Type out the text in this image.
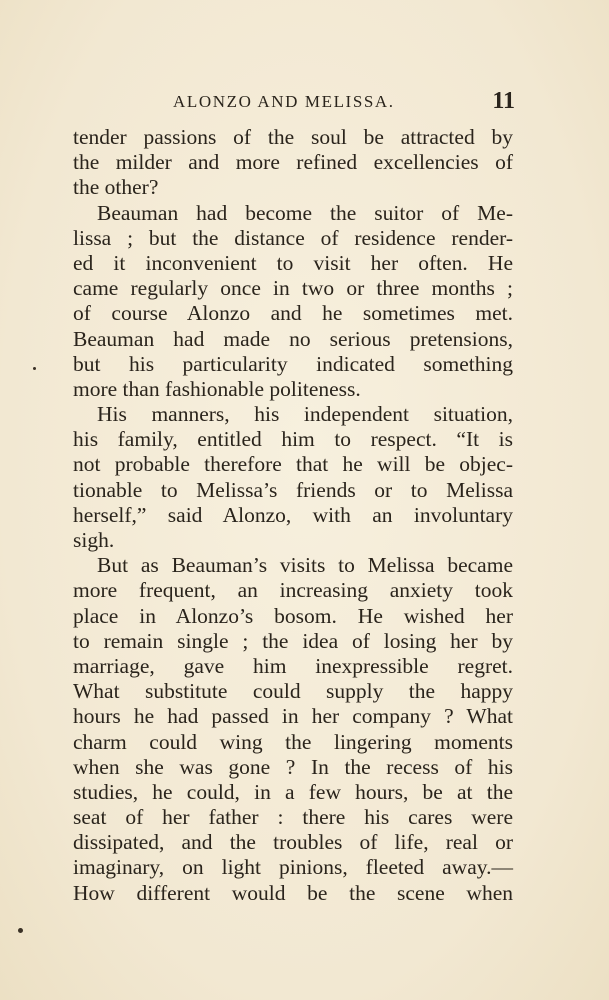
ALONZO AND MELISSA.	11
tender passions of the soul be attracted by
the milder and more refined excellencies of
the other?
Beauman had become the suitor of Me-
lissa ; but the distance of residence render-
ed it inconvenient to visit her often. He
came regularly once in two or three months ;
of course Alonzo and he sometimes met.
Beauman had made no serious pretensions,
but his particularity indicated something
more than fashionable politeness.
His manners, his independent situation,
his family, entitled him to respect. “It is
not probable therefore that he will be objec-
tionable to Melissa’s friends or to Melissa
herself,” said Alonzo, with an involuntary
sigh.
But as Beauman’s visits to Melissa became
more frequent, an increasing anxiety took
place in Alonzo’s bosom. He wished her
to remain single ; the idea of losing her by
marriage, gave him inexpressible regret.
What substitute could supply the happy
hours he had passed in her company ? What
charm could wing the lingering moments
when she was gone ? In the recess of his
studies, he could, in a few hours, be at the
seat of her father : there his cares were
dissipated, and the troubles of life, real or
imaginary, on light pinions, fleeted away.—
How different would be the scene when
